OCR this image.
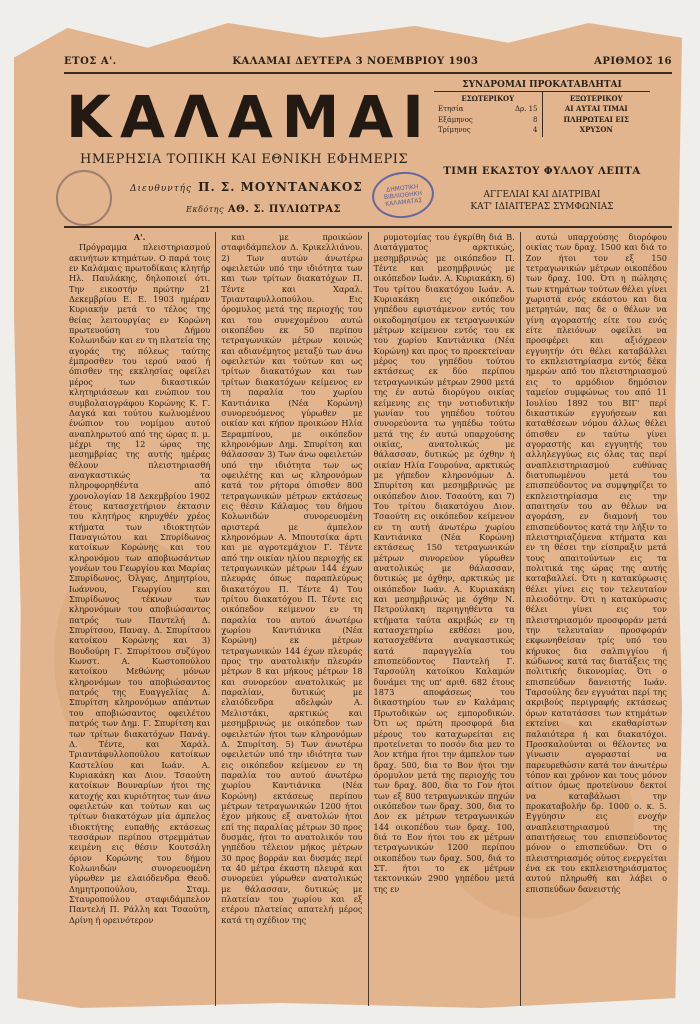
ΕΤΟΣ Α'.	ΚΑΛΑΜΑΙ ΔΕΥΤΕΡΑ 3 ΝΟΕΜΒΡΙΟΥ 1903	ΑΡΙΘΜΟΣ 16
ΚΑΛΑΜΑΙ
ΗΜΕΡΗΣΙΑ ΤΟΠΙΚΗ ΚΑΙ ΕΘΝΙΚΗ ΕΦΗΜΕΡΙΣ
Διευθυντής Π. Σ. ΜΟΥΝΤΑΝΑΚΟΣ
Εκδότης ΑΘ. Σ. ΠΥΛΙΩΤΡΑΣ
ΔΗΜΟΤΙΚΗ ΒΙΒΛΙΟΘΗΚΗ ΚΑΛΑΜΑΤΑΣ
ΣΥΝΔΡΟΜΑΙ ΠΡΟΚΑΤΑΒΛΗΤΑΙ
ΕΣΩΤΕΡΙΚΟΥ
Ετησία	Δρ. 15
Εξάμηνος	8
Τρίμηνος	4
ΕΞΩΤΕΡΙΚΟΥ
ΑΙ ΑΥΤΑΙ ΤΙΜΑΙ ΠΛΗΡΩΤΕΑΙ ΕΙΣ ΧΡΥΣΟΝ
ΤΙΜΗ ΕΚΑΣΤΟΥ ΦΥΛΛΟΥ ΛΕΠΤΑ
ΑΓΓΕΛΙΑΙ ΚΑΙ ΔΙΑΤΡΙΒΑΙ
ΚΑΤ' ΙΔΙΑΙΤΕΡΑΣ ΣΥΜΦΩΝΙΑΣ
Α'.

Πρόγραμμα πλειστηριασμού ακινήτων κτημάτων. Ο παρά τοις εν Καλάμαις πρωτοδίκαις κλητήρ Ηλ. Παυλάκης, δηλοποιεί ότι. Την εικοστήν πρώτην 21 Δεκεμβρίου Ε. Ε. 1903 ημέραν Κυριακήν μετά το τέλος της θείας λειτουργίας εν Κορώνη πρωτευούση του Δήμου Κολωνιδών και εν τη πλατεία της αγοράς της πόλεως ταύτης έμπροσθεν του ιερού ναού ή όπισθεν της εκκλησίας οφείλει μέρος των δικαστικών κλητηριάσεων και ενώπιον του συμβολαιογράφου Κορώνης Κ. Γ. Δαγκά και τούτου κωλυομένου ένώπιον του νομίμου αυτού αναπληρωτού από της ώρας π. μ. μέχρι της 12 ώρας της μεσημβρίας της αυτής ημέρας θέλουν πλειστηριασθή αναγκαστικώς τα πληροφορηθέντα από χρονολογίαν 18 Δεκεμβρίου 1902 έτους κατασχετήριον έκτασιν του κλητήρος κηρυχθέν χρέος κτήματα των ιδιοκτητών Παναγιώτου και Σπυρίδωνος κατοίκων Κορώνης και του κληρονόμου των αποβιωσάντων γονέων του Γεωργίου και Μαρίας Σπυρίδωνος, Όλγας, Δημητρίου, Ιωάννου, Γεωργίου και Σπυρίδωνος τέκνων των κληρονόμων του αποβιώσαντος πατρός των Παντελή Δ. Σπυρίτσου, Παναγ. Δ. Σπυρίτσου κατοίκου Κορώνης και 3) Βουδούρη Γ. Σπυρίτσου συζύγου Κωνστ. Α. Κωστοπούλου κατοίκου Μεθώνης μόνων κληρονόμων του αποβιώσαντος πατρός της Ευαγγελίας Δ. Σπυρίτση κληρονόμων απάντων του αποβιώσαντος οφειλέτου πατρός των Δημ. Γ. Σπυρίτση και των τρίτων διακατόχων Πανάγ. Δ. Τέντε, και Χαράλ. Τριαντάφυλλοπούλου κατοίκων Καστελίου και Ιωάν. Α. Κυριακάκη και Διον. Τσαούτη κατοίκων Βουναρίων ήτοι της κατοχής και κυριότητος των άνω οφειλετών και τούτων και ως τρίτων διακατόχων μία άμπελος ιδιοκτήτης ευπαθής εκτάσεως τεσσάρων περίπου στρεμμάτων κειμένη εις θέσιν Κουτσάλη όριον Κορώνης του δήμου Κολωνιδών συνορευομένη γύρωθεν με ελαιόδενδρα Θεοδ. Δημητροπούλου, Σταμ. Σταυροπούλου σταφιδάμπελον Παντελή Π. Ράλλη και Τσαούτη, Δρίνη ή ορεινότερον

και με προικώον σταφιδάμπελον Δ. Κρικελλιάνου. 2) Των αυτών άνωτέρω οφειλετών υπό την ιδιότητα των και των τρίτων διακατόχων Π. Τέντε και Χαραλ. Τριανταφυλλοπούλου. Εις όρομυλος μετά της περιοχής του και του συνεχομένου αυτώ οικοπέδου εκ 50 περίπου τετραγωνικών μέτρων κοινώς και αδιανέμητος μεταξύ των άνω οφειλετών και τούτων και ως τρίτων διακατόχων και των τρίτων διακατόχων κείμενος εν τη παραλία του χωρίου Καντιάνικα (Νέα Κορώνη) συνορευόμενος γύρωθεν με οικίαν και κήπον προικώον Ηλία Ξεραμπίνου, με οικόπεδον κληρονόμων Δημ. Σπυρίτση και θάλασσαν 3) Των άνω οφειλετών υπό την ιδιότητα των ως οφειλέτης και ως κληρονόμων κατά τον ρήτορα όπισθεν 800 τετραγωνικών μέτρων εκτάσεως εις θέσιν Κάλαμος του δήμου Κολωνιδών συνορευομένη αριστερά με άμπελον κληρονόμων Α. Μπουτσίκα άρτι και με αγροτεμάχιον Γ. Τέντε από την οικίαν ηλίου περιοχής εκ τετραγωνικών μέτρων 144 έχων πλευράς όπως παραπλεύρως διακατόχου Π. Τέντε 4) Του τρίτου διακατόχου Π. Τέντε εις οικόπεδον κείμενον εν τη παραλία του αυτού άνωτέρω χωρίου Καντιάνικα (Νέα Κορώνη) εκ μέτρων τετραγωνικών 144 έχων πλευράς προς την ανατολικήν πλευράν μέτρων 8 και μήκους μέτρων 18 και συνορεύον ανατολικώς με παραλίαν, δυτικώς με ελαιόδενδρα αδελφών Α. Μελιστάκι, αρκτικώς και μεσημβρινώς με οικόπεδον των οφειλετών ήτοι των κληρονόμων Δ. Σπυρίτση. 5) Των άνωτέρω οφειλετών υπό την ιδιότητα των εις οικόπεδον κείμενον εν τη παραλία του αυτού άνωτέρω χωρίου Καντιάνικα (Νέα Κορώνη) εκτάσεως περίπου μέτρων τετραγωνικών 1200 ήτοι έχον μήκους εξ ανατολών ήτοι επί της παραλίας μέτρων 30 προς δυσμάς, ήτοι το ανατολικόν του γηπέδου τέλειον μήκος μέτρων 30 προς βορράν και δυσμάς περί τα 40 μέτρα έκαστη πλευρά και συνορεύει γύρωθεν ανατολικώς με θάλασσαν, δυτικώς με πλατείαν του χωρίου και εξ ετέρου πλατείας απατελή μέρος κατά τη σχέδιον της

ρυμοτομίας του έγκρίθη διά Β. Διατάγματος αρκτικώς, μεσημβρινώς με οικόπεδον Π. Τέντε και μεσημβρινώς με οικόπεδον Ιωάν. Α. Κυριακάκη. 6) Του τρίτου διακατόχου Ιωάν. Α. Κυριακάκη εις οικόπεδον γηπέδου εφιστάμενον εντός του οικοδομησίμου εκ τετραγωνικών μέτρων κείμενον εντός του εκ του χωρίου Καντιάνικα (Νέα Κορώνη) και προς το προεκτείναν μέρος του γηπέδου τούτου εκτάσεως εκ δύο περίπου τετραγωνικών μέτρων 2900 μετά της έν αυτώ διορύγου οικίας κείμενης εις την νοτιοδυτικήν γωνίαν του γηπέδου τούτου συνορεύοντα τω γηπέδω τούτω μετά της έν αυτώ υπαρχούσης οικίας, ανατολικώς με θάλασσαν, δυτικώς με όχθην ή οικίαν Ηλία Γουρούνα, αρκτικώς με γήπεδον κληρονόμων Δ. Σπυρίτση και μεσημβρινώς με οικόπεδον Διον. Τσαούτη, και 7) Του τρίτου διακατόχου Διον. Τσαούτη εις οικόπεδον κείμενον εν τη αυτή άνωτέρω χωρίου Καντιάνικα (Νέα Κορώνη) εκτάσεως 150 τετραγωνικών μέτρων συνορεύον γύρωθεν ανατολικώς με θάλασσαν, δυτικώς με όχθην, αρκτικώς με οικόπεδον Ιωάν. Α. Κυριακάκη και μεσημβρινώς με όχθην Ν. Πετρούλακη περιηγηθέντα τα κτήματα ταύτα ακριβώς εν τη κατασχετηρίω εκθέσει μου, κατασχεθέντα αναγκαστικώς κατά παραγγελία του επισπεύδοντος Παντελή Γ. Ταρσούλη κατοίκου Καλαμών δυνάμει της υπ' αριθ. 682 έτους 1873 αποφάσεως του δικαστηρίου των εν Καλάμαις Πρωτοδικών ως εμποροδικών. Ότι ως πρώτη προσφορά δια μέρους του καταχωρείται εις προτείνεται το ποσόν δια μεν το Άον κτήμα ήτοι την άμπελον των δραχ. 500, δια το Βον ήτοι την όρομυλον μετά της περιοχής του των δραχ. 800, δια το Γον ήτοι των εξ 800 τετραγωνικών πηχών οικόπεδον των δραχ. 300, δια το Δον εκ μέτρων τετραγωνικών 144 οικοπέδου των δραχ. 100, διά το Εον ήτοι του εκ μέτρων τετραγωνικών 1200 περίπου οικοπέδου των δραχ. 500, διά το ΣΤ. ήτοι το εκ μέτρων τεκτονικών 2900 γηπέδου μετά της εν

αυτώ υπαρχούσης διορόφου οικίας των δραχ. 1500 και διά το Ζον ήτοι τον εξ 150 τετραγωνικών μέτρων οικοπέδου των δραχ. 100. Ότι η πώλησις των κτημάτων τούτων θέλει γίνει χωριστά ενός εκάστου και δια μετρητών, πας δε ο θέλων να γίνη αγοραστής είτε του ενός είτε πλειόνων οφείλει να προσφέρει και αξιόχρεον εγγυητήν ότι θέλει καταβάλλει το εκπλειστηρίασμα εντός δέκα ημερών από του πλειστηριασμού εις το αρμόδιον δημόσιον ταμείον συμφώνως του από 11 Ιουλίου 1892 του ΒΙΓ' περί δικαστικών εγγυήσεων και καταθέσεων νόμου άλλως θέλει όπισθεν εν ταύτω γίνει αγοραστής και εγγυητής του αλληλεγγύως εις όλας τας περί αναπλειστηριασμού ευθύνας διατυπωμένου μετά του επισπεύδοντος να συμψηφίζει το εκπλειστηρίασμα εις την απαιτησίν του αν θέλων να αγοράση, εν διαμονή του επισπεύδοντος κατά την λήξιν το πλειστηριαζόμενα κτήματα και εν τη θέσει την είσπραξιν μετά τους απαιτούντων εις τα πολιτικά της ώρας της αυτής καταβαλλεί. Ότι η κατακύρωσις θέλει γίνει εις τον τελευταίον πλειοδότην. Ότι η κατακύρωσις θέλει γίνει εις τον πλειστηριασμόν προσφοράν μετά την τελευταίαν προσφοράν εκφωνηθείσαν τρίς υπό του κήρυκος δια σαλπιγγίου ή κώδωνος κατά τας διατάξεις της πολιτικής δικονομίας. Ότι ο επισπεύδων δανειστής Ιωάν. Ταρσούλης δεν εγγυάται περί της ακριβούς περιγραφής εκτάσεως όρων κατατάσσει των κτημάτων εκτείνει και εκαθαρίστων παλαιότερα ή και διακατόχοι. Προσκαλούνται οι θέλοντες να γίνωσιν αγορασταί να παρευρεθώσιν κατά τον άνωτέρω τόπον και χρόνον και τους μόνον αίτιον όμως προτείνουν δεκτοί να καταβάλωσι την προκαταβολήν δρ. 1000 ο. κ. 5. Εγγύησιν εις ενοχήν αναπλειστηριασμού της απαιτήσεως του επισπεύδοντος μόνον ο επισπεύδων. Ότι ο πλειστηριασμός ούτος ενεργείται ένα εκ του εκπλειστηριάσματος αυτού πληρωθή και λάβει ο επισπεύδων δανειστής
